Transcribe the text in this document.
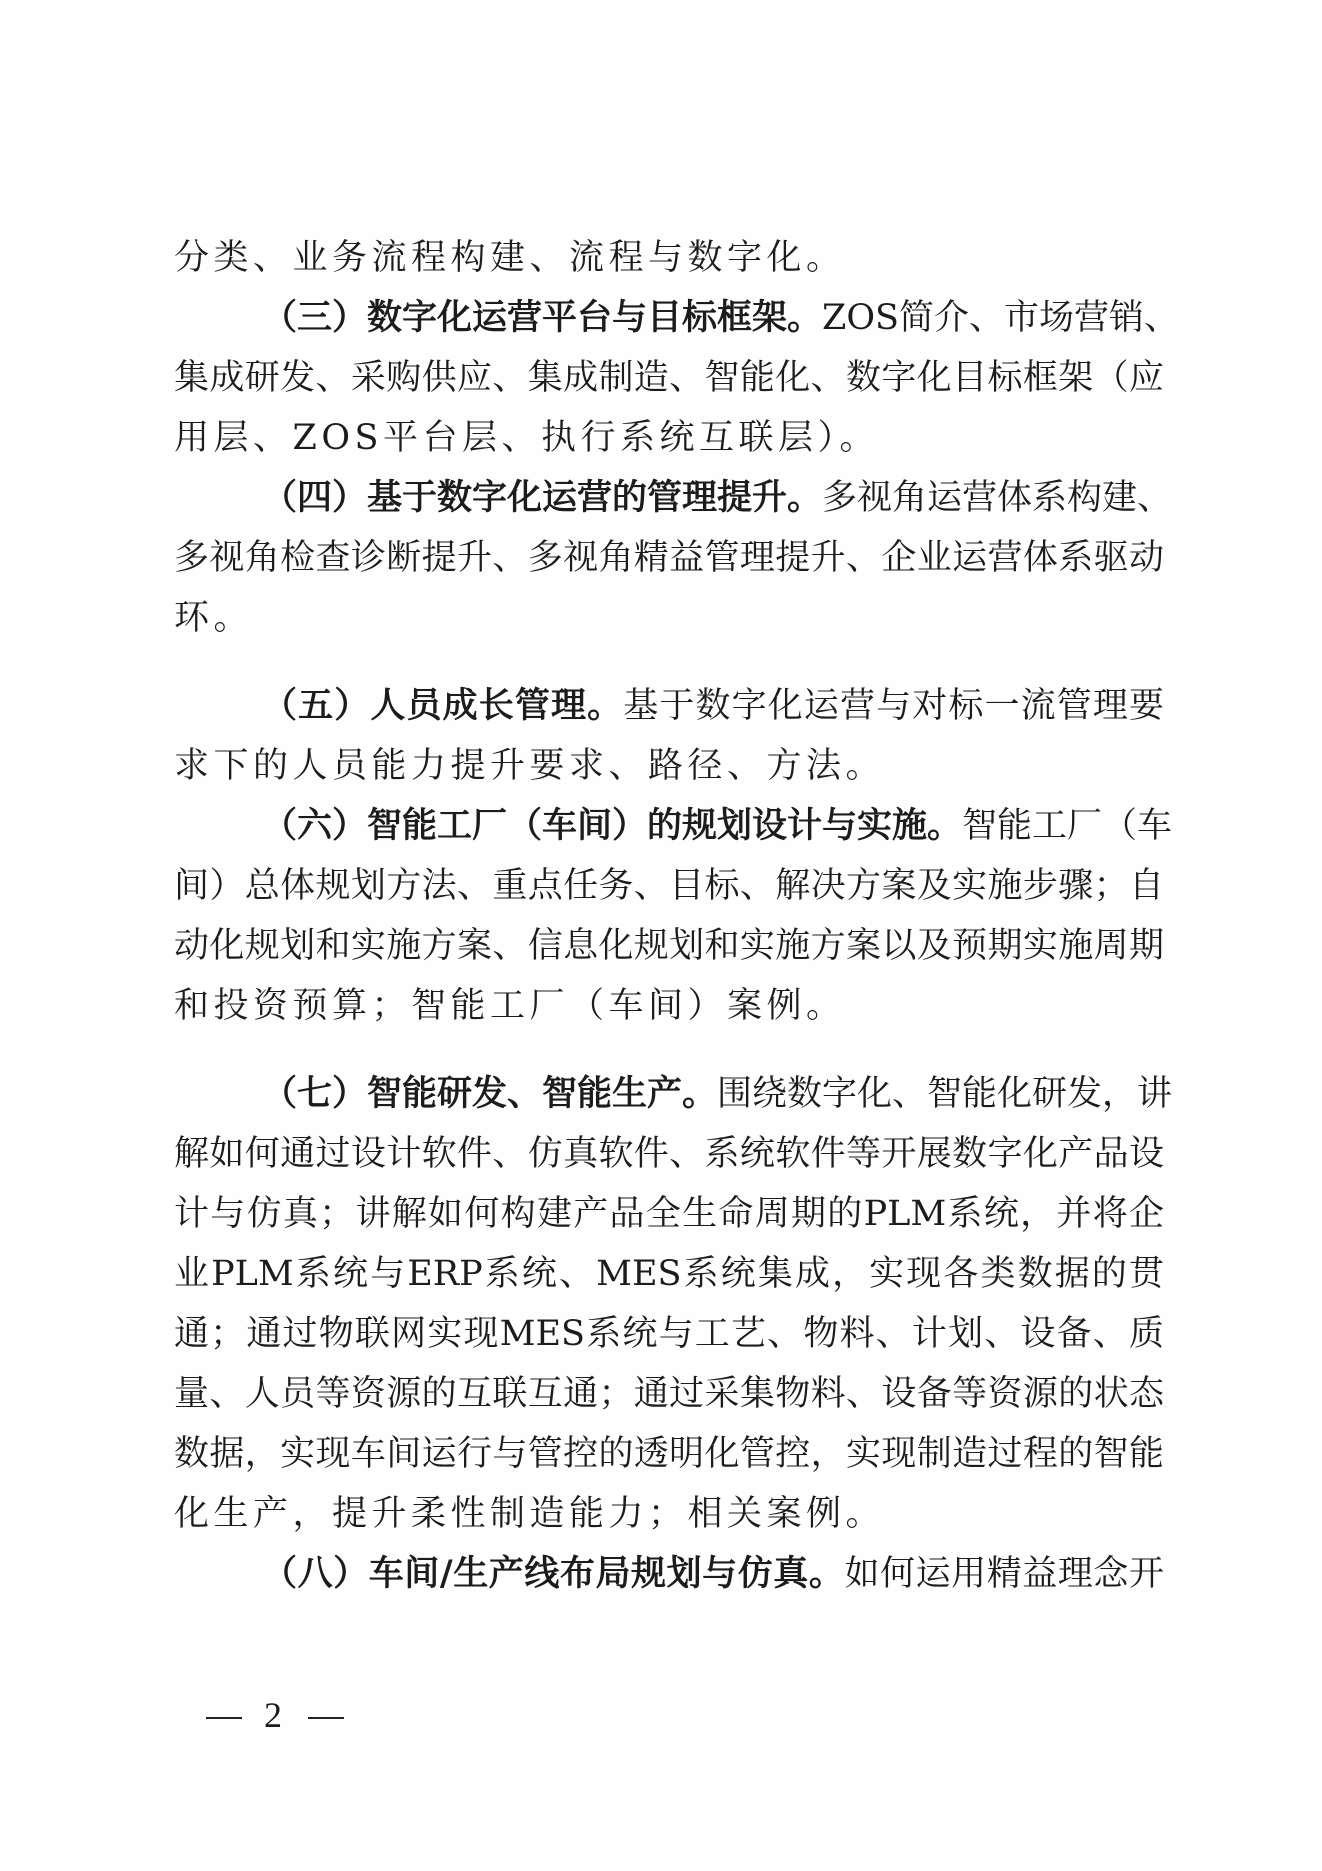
分类、业务流程构建、流程与数字化。
（三）数字化运营平台与目标框架。ZOS简介、市场营销、
集成研发、采购供应、集成制造、智能化、数字化目标框架（应
用层、ZOS平台层、执行系统互联层）。
（四）基于数字化运营的管理提升。多视角运营体系构建、
多视角检查诊断提升、多视角精益管理提升、企业运营体系驱动
环。
（五）人员成长管理。基于数字化运营与对标一流管理要
求下的人员能力提升要求、路径、方法。
（六）智能工厂（车间）的规划设计与实施。智能工厂（车
间）总体规划方法、重点任务、目标、解决方案及实施步骤；自
动化规划和实施方案、信息化规划和实施方案以及预期实施周期
和投资预算；智能工厂（车间）案例。
（七）智能研发、智能生产。围绕数字化、智能化研发，讲
解如何通过设计软件、仿真软件、系统软件等开展数字化产品设
计与仿真；讲解如何构建产品全生命周期的PLM系统，并将企
业PLM系统与ERP系统、MES系统集成，实现各类数据的贯
通；通过物联网实现MES系统与工艺、物料、计划、设备、质
量、人员等资源的互联互通；通过采集物料、设备等资源的状态
数据，实现车间运行与管控的透明化管控，实现制造过程的智能
化生产，提升柔性制造能力；相关案例。
（八）车间/生产线布局规划与仿真。如何运用精益理念开
2
